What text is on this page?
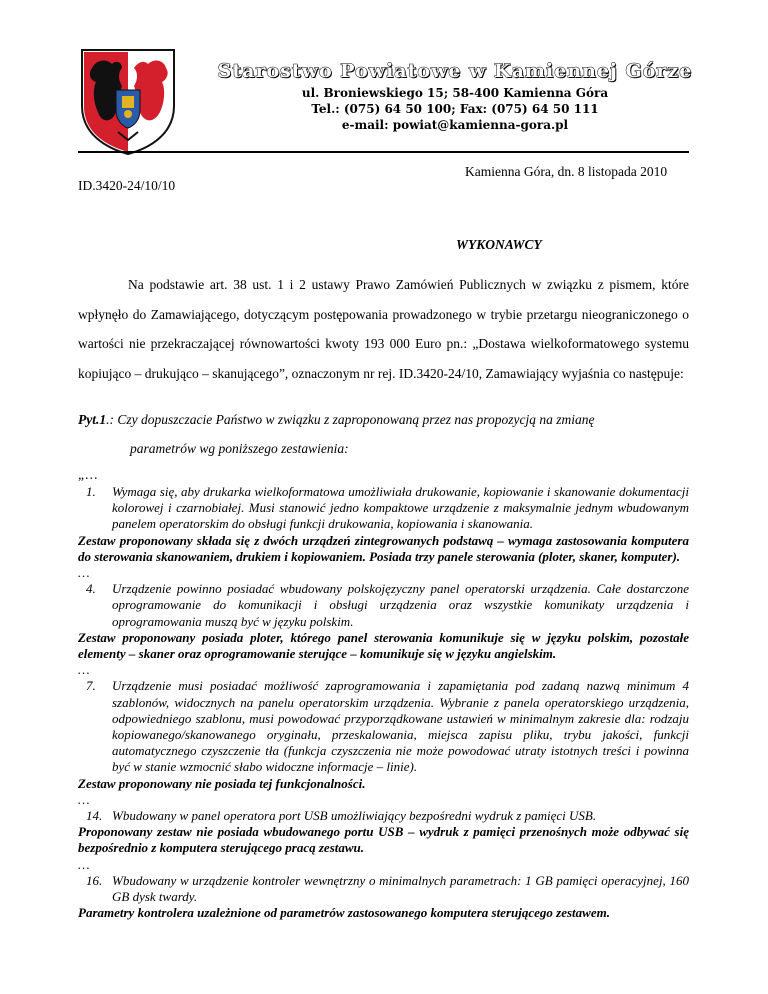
Starostwo Powiatowe w Kamiennej Górze
ul. Broniewskiego 15; 58-400 Kamienna Góra
Tel.: (075) 64 50 100; Fax: (075) 64 50 111
e-mail: powiat@kamienna-gora.pl
Kamienna Góra, dn. 8 listopada 2010
ID.3420-24/10/10
WYKONAWCY
Na podstawie art. 38 ust. 1 i 2 ustawy Prawo Zamówień Publicznych w związku z pismem, które wpłynęło do Zamawiającego, dotyczącym postępowania prowadzonego w trybie przetargu nieograniczonego o wartości nie przekraczającej równowartości kwoty 193 000 Euro pn.: „Dostawa wielkoformatowego systemu kopiująco – drukująco – skanującego”, oznaczonym nr rej. ID.3420-24/10, Zamawiający wyjaśnia co następuje:
Pyt.1.: Czy dopuszczacie Państwo w związku z zaproponowaną przez nas propozycją na zmianę
parametrów wg poniższego zestawienia:
„…
1. Wymaga się, aby drukarka wielkoformatowa umożliwiała drukowanie, kopiowanie i skanowanie dokumentacji kolorowej i czarnobiałej. Musi stanowić jedno kompaktowe urządzenie z maksymalnie jednym wbudowanym panelem operatorskim do obsługi funkcji drukowania, kopiowania i skanowania.
Zestaw proponowany składa się z dwóch urządzeń zintegrowanych podstawą – wymaga zastosowania komputera do sterowania skanowaniem, drukiem i kopiowaniem. Posiada trzy panele sterowania (ploter, skaner, komputer).
…
4. Urządzenie powinno posiadać wbudowany polskojęzyczny panel operatorski urządzenia. Całe dostarczone oprogramowanie do komunikacji i obsługi urządzenia oraz wszystkie komunikaty urządzenia i oprogramowania muszą być w języku polskim.
Zestaw proponowany posiada ploter, którego panel sterowania komunikuje się w języku polskim, pozostałe elementy – skaner oraz oprogramowanie sterujące – komunikuje się w języku angielskim.
…
7. Urządzenie musi posiadać możliwość zaprogramowania i zapamiętania pod zadaną nazwą minimum 4 szablonów, widocznych na panelu operatorskim urządzenia. Wybranie z panela operatorskiego urządzenia, odpowiedniego szablonu, musi powodować przyporządkowane ustawień w minimalnym zakresie dla: rodzaju kopiowanego/skanowanego oryginału, przeskalowania, miejsca zapisu pliku, trybu jakości, funkcji automatycznego czyszczenie tła (funkcja czyszczenia nie może powodować utraty istotnych treści i powinna być w stanie wzmocnić słabo widoczne informacje – linie).
Zestaw proponowany nie posiada tej funkcjonalności.
…
14. Wbudowany w panel operatora port USB umożliwiający bezpośredni wydruk z pamięci USB.
Proponowany zestaw nie posiada wbudowanego portu USB – wydruk z pamięci przenośnych może odbywać się bezpośrednio z komputera sterującego pracą zestawu.
…
16. Wbudowany w urządzenie kontroler wewnętrzny o minimalnych parametrach: 1 GB pamięci operacyjnej, 160 GB dysk twardy.
Parametry kontrolera uzależnione od parametrów zastosowanego komputera sterującego zestawem.
